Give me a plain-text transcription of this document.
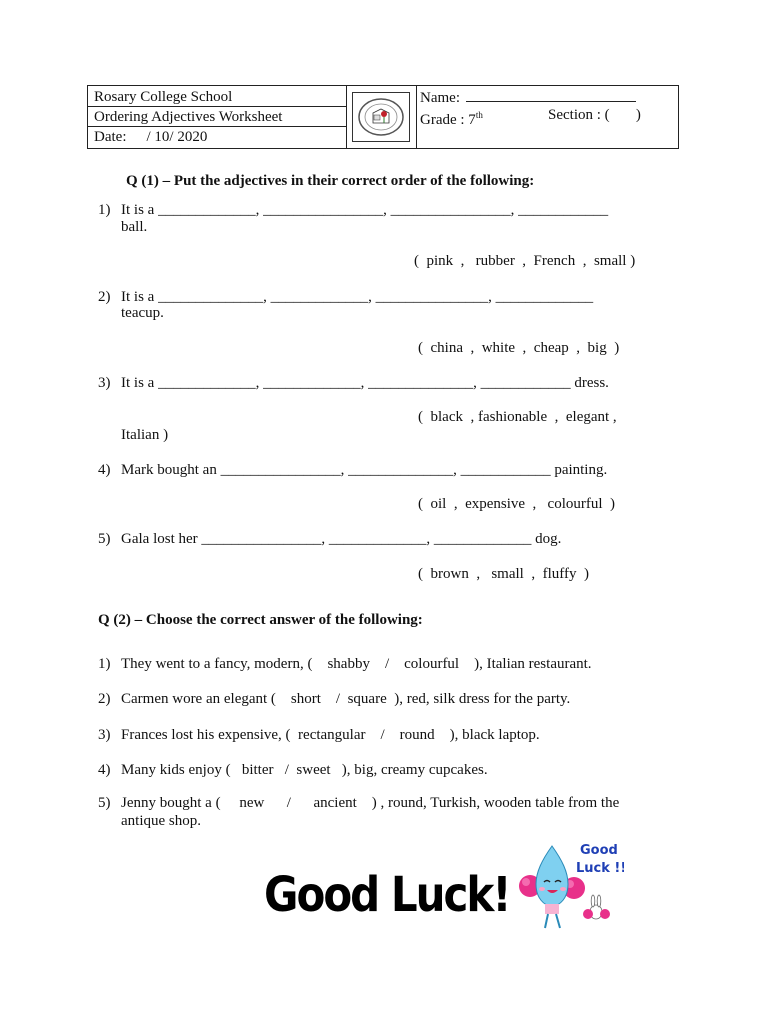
Rosary College School
Ordering Adjectives Worksheet
Date: / 10/ 2020
Name:
Grade : 7th	Section : (       )
Q (1) – Put the adjectives in their correct order of the following:
1) It is a _____________, ________________, ________________, ____________
ball.
(  pink  ,   rubber  ,  French  ,  small )
2) It is a ______________, _____________, _______________, _____________
teacup.
(  china  ,  white  ,  cheap  ,  big  )
3) It is a _____________, _____________, ______________, ____________ dress.
(  black  , fashionable  ,  elegant ,
Italian )
4) Mark bought an ________________, ______________, ____________ painting.
(  oil  ,  expensive  ,   colourful  )
5) Gala lost her ________________, _____________, _____________ dog.
(  brown  ,   small  ,  fluffy  )
Q (2) – Choose the correct answer of the following:
1) They went to a fancy, modern, (    shabby    /    colourful    ), Italian restaurant.
2) Carmen wore an elegant (    short    /  square  ), red, silk dress for the party.
3) Frances lost his expensive, (  rectangular    /    round    ), black laptop.
4) Many kids enjoy (   bitter   /  sweet   ), big, creamy cupcakes.
5) Jenny bought a (     new      /      ancient    ) , round, Turkish, wooden table from the
antique shop.
Good Luck!
Good
Luck !!
